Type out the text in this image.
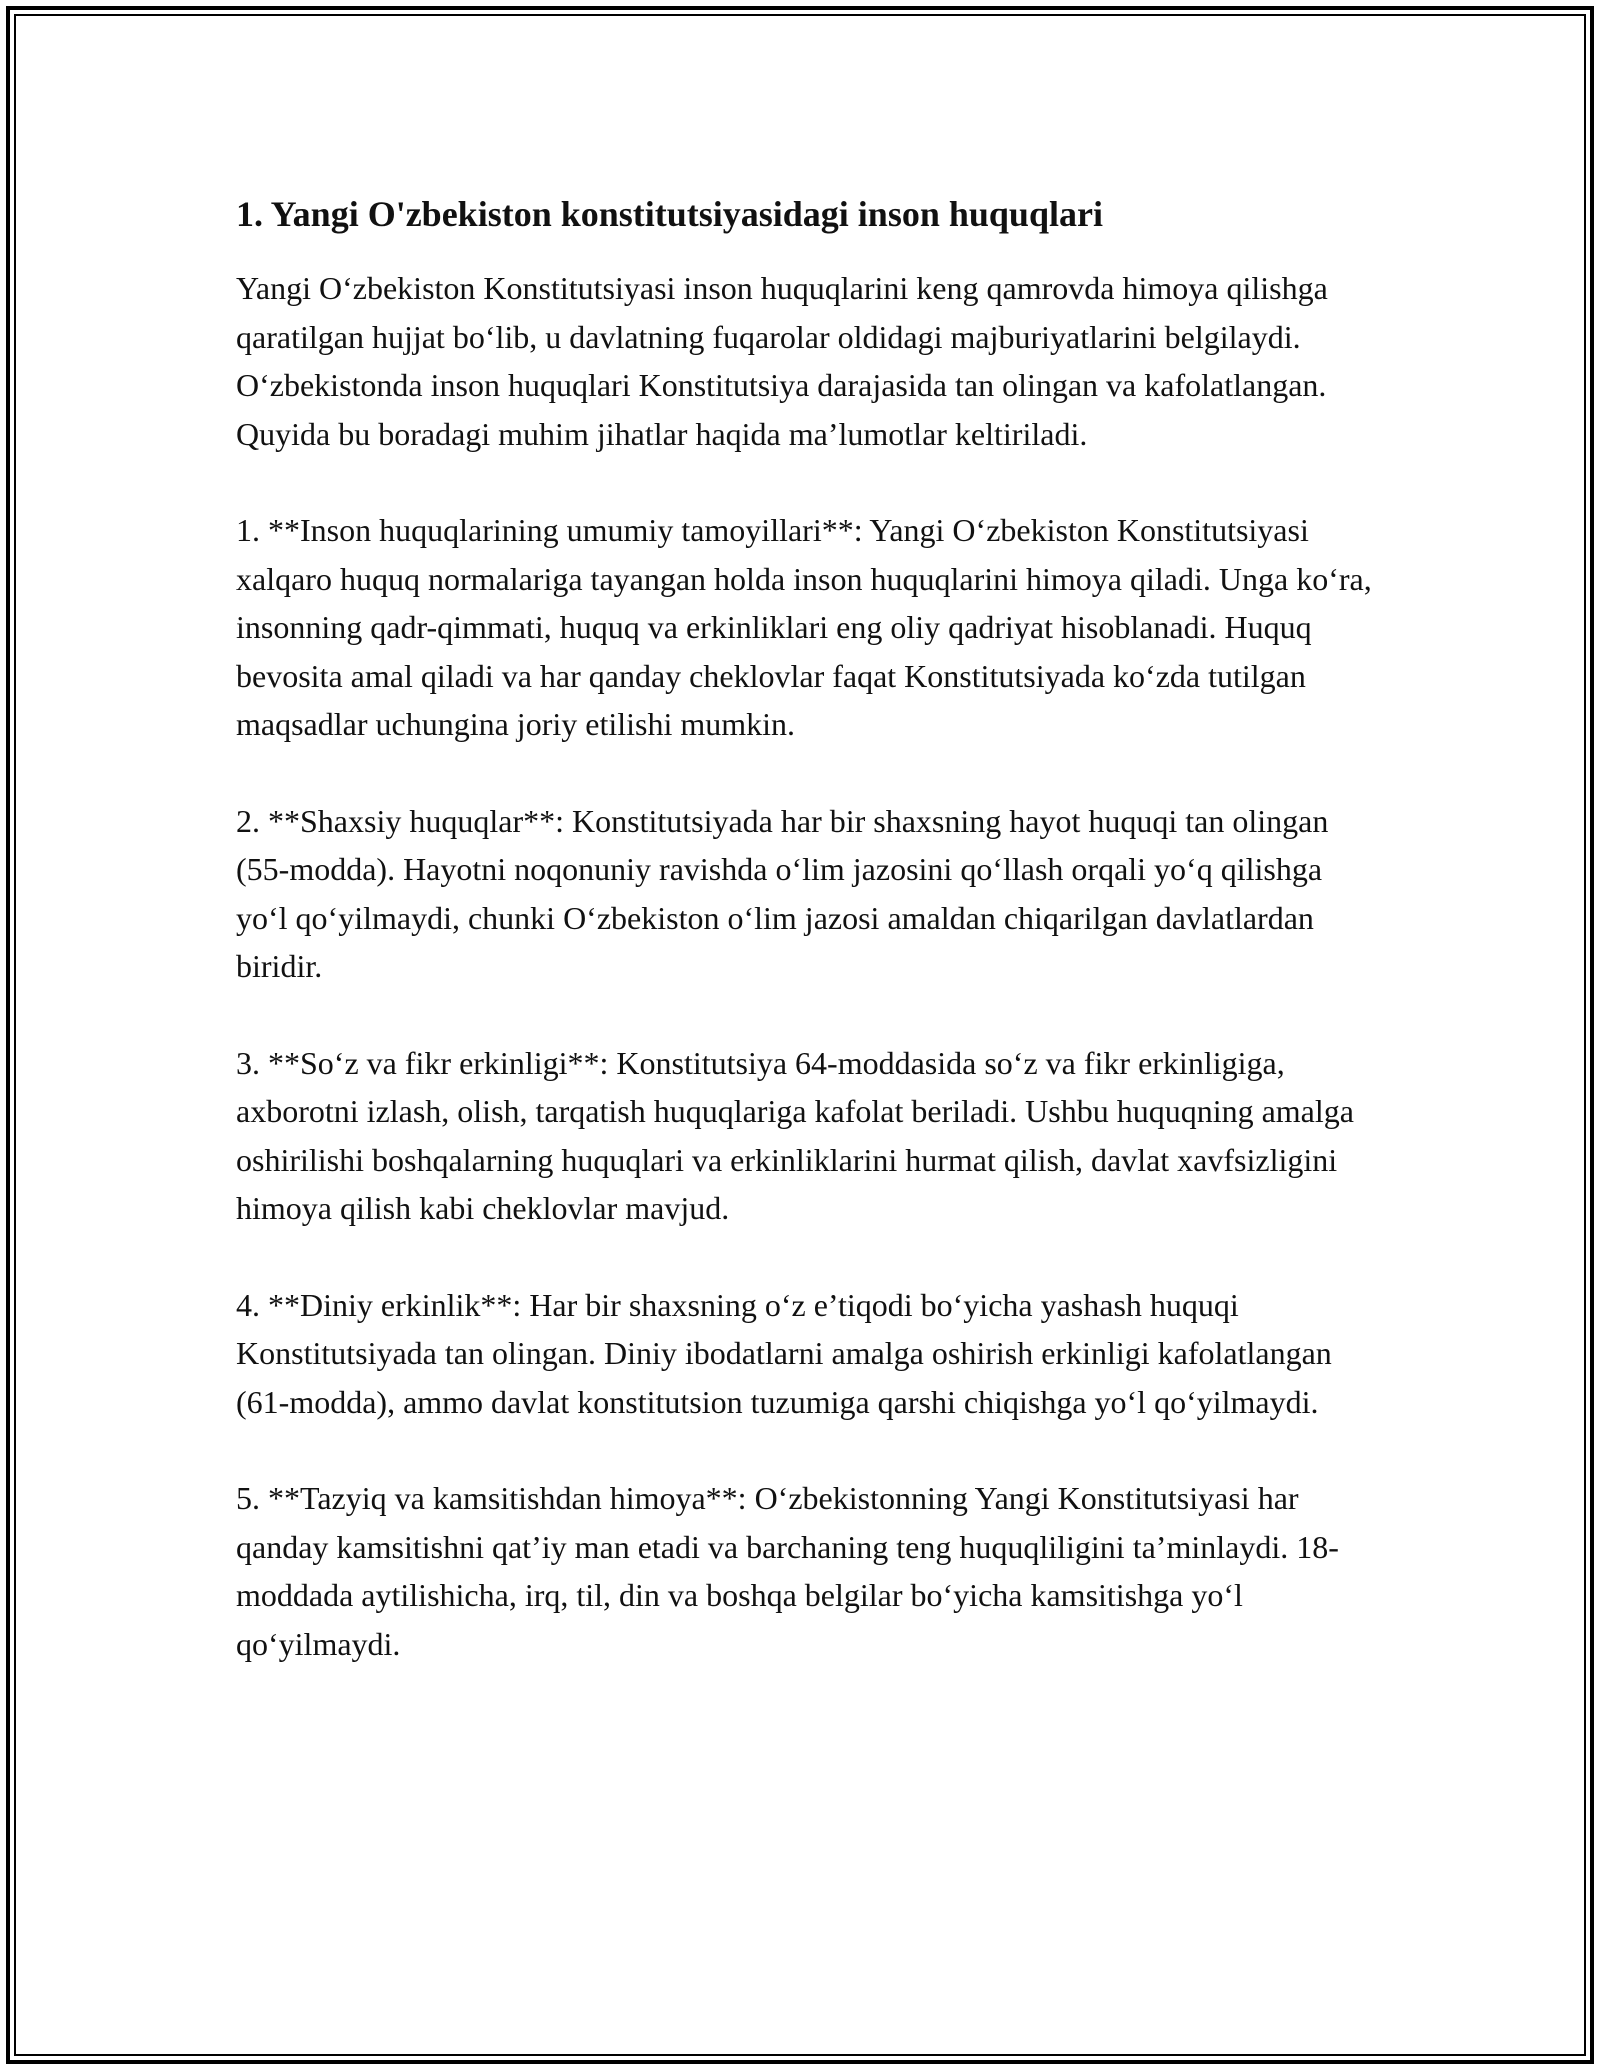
1. Yangi O'zbekiston konstitutsiyasidagi inson huquqlari

Yangi O‘zbekiston Konstitutsiyasi inson huquqlarini keng qamrovda himoya qilishga qaratilgan hujjat bo‘lib, u davlatning fuqarolar oldidagi majburiyatlarini belgilaydi. O‘zbekistonda inson huquqlari Konstitutsiya darajasida tan olingan va kafolatlangan. Quyida bu boradagi muhim jihatlar haqida ma’lumotlar keltiriladi.

1. **Inson huquqlarining umumiy tamoyillari**: Yangi O‘zbekiston Konstitutsiyasi xalqaro huquq normalariga tayangan holda inson huquqlarini himoya qiladi. Unga ko‘ra, insonning qadr-qimmati, huquq va erkinliklari eng oliy qadriyat hisoblanadi. Huquq bevosita amal qiladi va har qanday cheklovlar faqat Konstitutsiyada ko‘zda tutilgan maqsadlar uchungina joriy etilishi mumkin.

2. **Shaxsiy huquqlar**: Konstitutsiyada har bir shaxsning hayot huquqi tan olingan (55-modda). Hayotni noqonuniy ravishda o‘lim jazosini qo‘llash orqali yo‘q qilishga yo‘l qo‘yilmaydi, chunki O‘zbekiston o‘lim jazosi amaldan chiqarilgan davlatlardan biridir.

3. **So‘z va fikr erkinligi**: Konstitutsiya 64-moddasida so‘z va fikr erkinligiga, axborotni izlash, olish, tarqatish huquqlariga kafolat beriladi. Ushbu huquqning amalga oshirilishi boshqalarning huquqlari va erkinliklarini hurmat qilish, davlat xavfsizligini himoya qilish kabi cheklovlar mavjud.

4. **Diniy erkinlik**: Har bir shaxsning o‘z e’tiqodi bo‘yicha yashash huquqi Konstitutsiyada tan olingan. Diniy ibodatlarni amalga oshirish erkinligi kafolatlangan (61-modda), ammo davlat konstitutsion tuzumiga qarshi chiqishga yo‘l qo‘yilmaydi.

5. **Tazyiq va kamsitishdan himoya**: O‘zbekistonning Yangi Konstitutsiyasi har qanday kamsitishni qat’iy man etadi va barchaning teng huquqliligini ta’minlaydi. 18-moddada aytilishicha, irq, til, din va boshqa belgilar bo‘yicha kamsitishga yo‘l qo‘yilmaydi.
